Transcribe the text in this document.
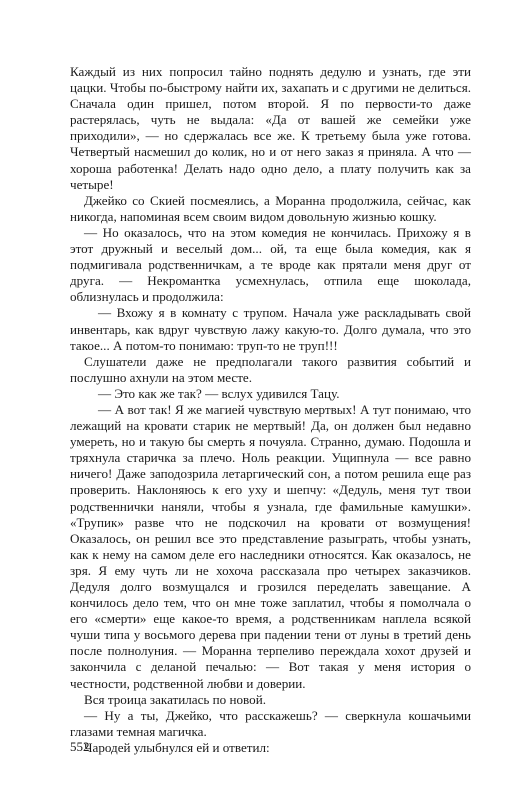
Каждый из них попросил тайно поднять дедулю и узнать, где эти цацки. Чтобы по-быстрому найти их, захапать и с другими не делиться. Сначала один пришел, потом второй. Я по первости-то даже растерялась, чуть не выдала: «Да от вашей же семейки уже приходили», — но сдержалась все же. К третьему была уже готова. Четвертый насмешил до колик, но и от него заказ я приняла. А что — хороша работенка! Делать надо одно дело, а плату получить как за четыре!

Джейко со Скией посмеялись, а Моранна продолжила, сейчас, как никогда, напоминая всем своим видом довольную жизнью кошку.

— Но оказалось, что на этом комедия не кончилась. Прихожу я в этот дружный и веселый дом... ой, та еще была комедия, как я подмигивала родственничкам, а те вроде как прятали меня друг от друга. — Некромантка усмехнулась, отпила еще шоколада, облизнулась и продолжила:

— Вхожу я в комнату с трупом. Начала уже раскладывать свой инвентарь, как вдруг чувствую лажу какую-то. Долго думала, что это такое... А потом-то понимаю: труп-то не труп!!!

Слушатели даже не предполагали такого развития событий и послушно ахнули на этом месте.

— Это как же так? — вслух удивился Тацу.

— А вот так! Я же магией чувствую мертвых! А тут понимаю, что лежащий на кровати старик не мертвый! Да, он должен был недавно умереть, но и такую бы смерть я почуяла. Странно, думаю. Подошла и тряхнула старичка за плечо. Ноль реакции. Ущипнула — все равно ничего! Даже заподозрила летаргический сон, а потом решила еще раз проверить. Наклоняюсь к его уху и шепчу: «Дедуль, меня тут твои родственнички наняли, чтобы я узнала, где фамильные камушки». «Трупик» разве что не подскочил на кровати от возмущения! Оказалось, он решил все это представление разыграть, чтобы узнать, как к нему на самом деле его наследники относятся. Как оказалось, не зря. Я ему чуть ли не хохоча рассказала про четырех заказчиков. Дедуля долго возмущался и грозился переделать завещание. А кончилось дело тем, что он мне тоже заплатил, чтобы я помолчала о его «смерти» еще какое-то время, а родственникам наплела всякой чуши типа у восьмого дерева при падении тени от луны в третий день после полнолуния. — Моранна терпеливо переждала хохот друзей и закончила с деланой печалью: — Вот такая у меня история о честности, родственной любви и доверии.

Вся троица закатилась по новой.

— Ну а ты, Джейко, что расскажешь? — сверкнула кошачьими глазами темная магичка.

Чародей улыбнулся ей и ответил:

552
